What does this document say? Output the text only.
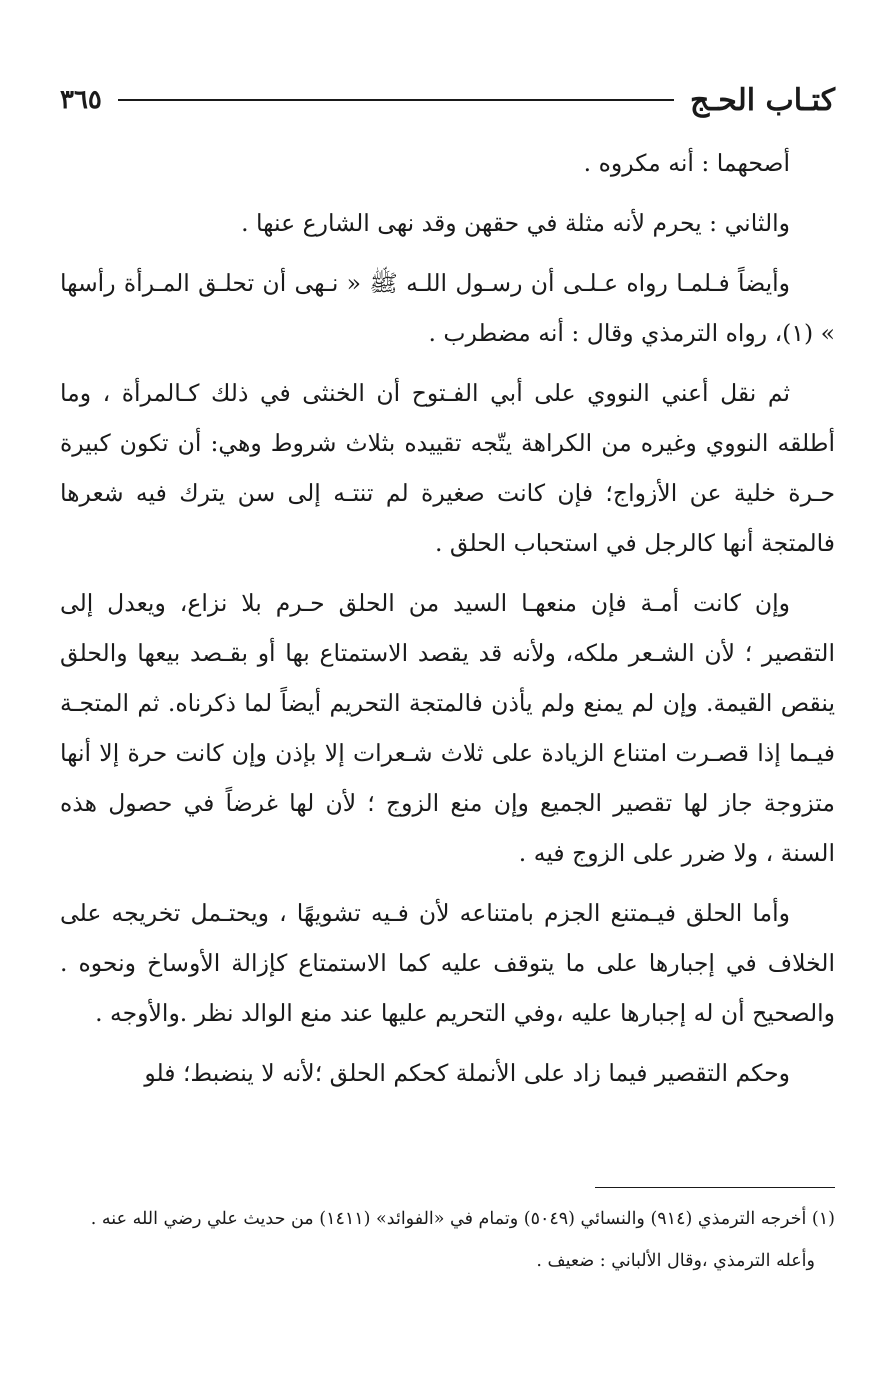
كتـاب الحـج
٣٦٥

أصحهما : أنه مكروه .

والثاني : يحرم لأنه مثلة في حقهن وقد نهى الشارع عنها .

وأيضاً فـلمـا رواه عـلـى أن رسـول اللـه ﷺ « نـهى أن تحلـق المـرأة رأسها » (١)، رواه الترمذي وقال : أنه مضطرب .

ثم نقل أعني النووي على أبي الفـتوح أن الخنثى في ذلك كـالمرأة ، وما أطلقه النووي وغيره من الكراهة يتّجه تقييده بثلاث شروط وهي: أن تكون كبيرة حـرة خلية عن الأزواج؛ فإن كانت صغيرة لم تنتـه إلى سن يترك فيه شعرها فالمتجة أنها كالرجل في استحباب الحلق .

وإن كانت أمـة فإن منعهـا السيد من الحلق حـرم بلا نزاع، ويعدل إلى التقصير ؛ لأن الشـعر ملكه، ولأنه قد يقصد الاستمتاع بها أو بقـصد بيعها والحلق ينقص القيمة. وإن لم يمنع ولم يأذن فالمتجة التحريم أيضاً لما ذكرناه. ثم المتجـة فيـما إذا قصـرت امتناع الزيادة على ثلاث شـعرات إلا بإذن وإن كانت حرة إلا أنها متزوجة جاز لها تقصير الجميع وإن منع الزوج ؛ لأن لها غرضاً في حصول هذه السنة ، ولا ضرر على الزوج فيه .

وأما الحلق فيـمتنع الجزم بامتناعه لأن فـيه تشويهًا ، ويحتـمل تخريجه على الخلاف في إجبارها على ما يتوقف عليه كما الاستمتاع كإزالة الأوساخ ونحوه . والصحيح أن له إجبارها عليه ،وفي التحريم عليها عند منع الوالد نظر .والأوجه .

وحكم التقصير فيما زاد على الأنملة كحكم الحلق ؛لأنه لا ينضبط؛ فلو

(١) أخرجه الترمذي (٩١٤) والنسائي (٥٠٤٩) وتمام في «الفوائد» (١٤١١) من حديث علي رضي الله عنه .

وأعله الترمذي ،وقال الألباني : ضعيف .
